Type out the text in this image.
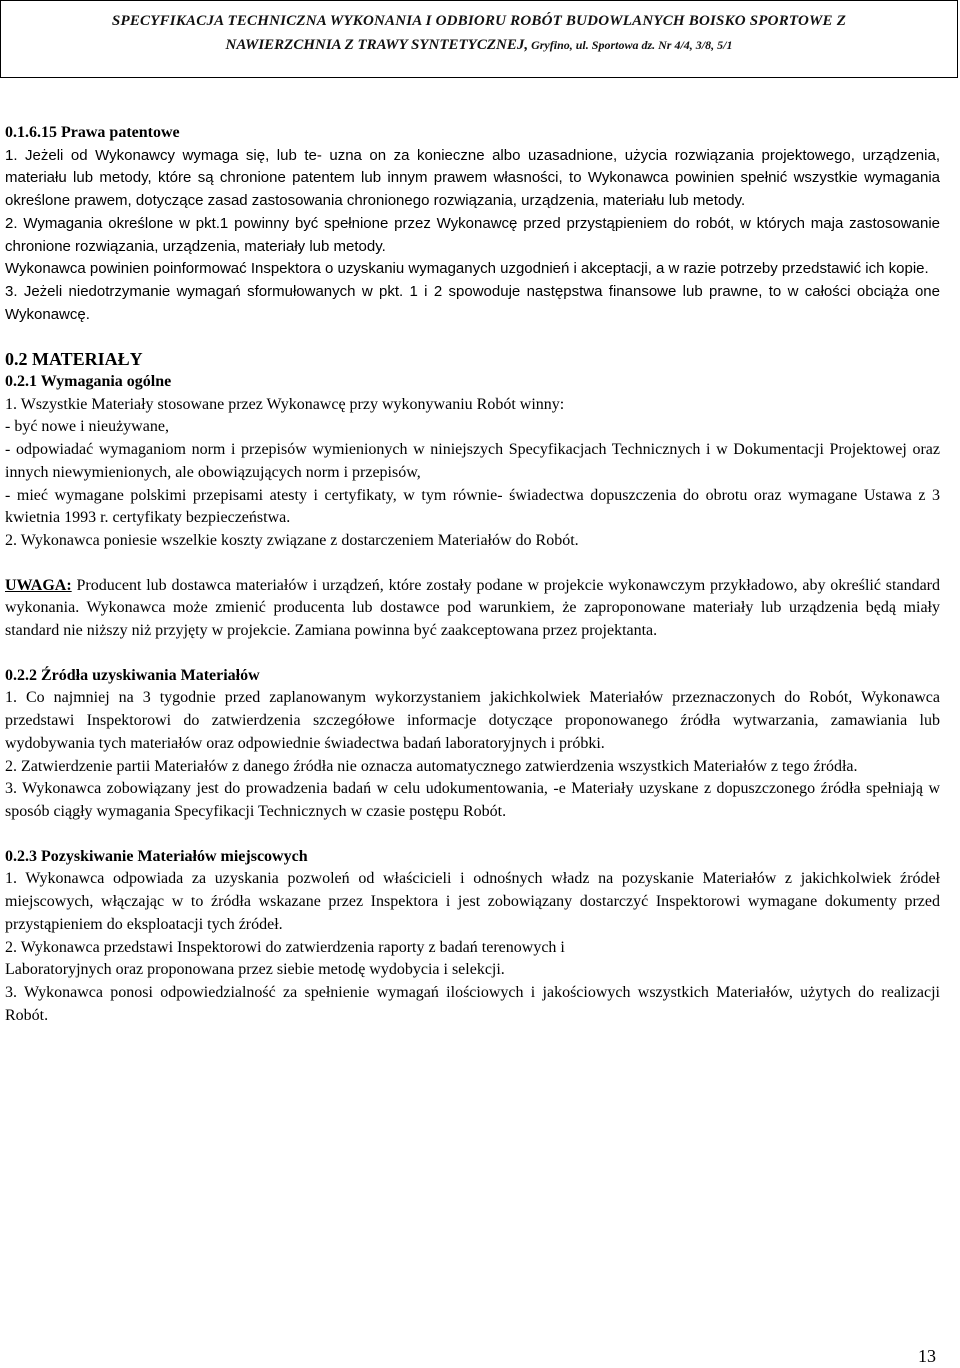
SPECYFIKACJA TECHNICZNA WYKONANIA I ODBIORU ROBÓT BUDOWLANYCH BOISKO SPORTOWE Z
NAWIERZCHNIA Z TRAWY SYNTETYCZNEJ, Gryfino, ul. Sportowa dz. Nr 4/4, 3/8, 5/1

0.1.6.15 Prawa patentowe

1. Jeżeli od Wykonawcy wymaga się, lub te- uzna on za konieczne albo uzasadnione, użycia rozwiązania projektowego, urządzenia, materiału lub metody, które są chronione patentem lub innym prawem własności, to Wykonawca powinien spełnić wszystkie wymagania określone prawem, dotyczące zasad zastosowania chronionego rozwiązania, urządzenia, materiału lub metody.

2. Wymagania określone w pkt.1 powinny być spełnione przez Wykonawcę przed przystąpieniem do robót, w których maja zastosowanie chronione rozwiązania, urządzenia, materiały lub metody.

Wykonawca powinien poinformować Inspektora o uzyskaniu wymaganych uzgodnień i akceptacji, a w razie potrzeby przedstawić ich kopie.

3. Jeżeli niedotrzymanie wymagań sformułowanych w pkt. 1 i 2 spowoduje następstwa finansowe lub prawne, to w całości obciąża one Wykonawcę.

0.2 MATERIAŁY

0.2.1 Wymagania ogólne

1. Wszystkie Materiały stosowane przez Wykonawcę przy wykonywaniu Robót winny:

- być nowe i nieużywane,

- odpowiadać wymaganiom norm i przepisów wymienionych w niniejszych Specyfikacjach Technicznych i w Dokumentacji Projektowej oraz innych niewymienionych, ale obowiązujących norm i przepisów,

- mieć wymagane polskimi przepisami atesty i certyfikaty, w tym równie- świadectwa dopuszczenia do obrotu oraz wymagane Ustawa z 3 kwietnia 1993 r. certyfikaty bezpieczeństwa.

2. Wykonawca poniesie wszelkie koszty związane z dostarczeniem Materiałów do Robót.

UWAGA: Producent lub dostawca materiałów i urządzeń, które zostały podane w projekcie wykonawczym przykładowo, aby określić standard wykonania. Wykonawca może zmienić producenta lub dostawce pod warunkiem, że zaproponowane materiały lub urządzenia będą miały standard nie niższy niż przyjęty w projekcie. Zamiana powinna być zaakceptowana przez projektanta.

0.2.2 Źródła uzyskiwania Materiałów

1. Co najmniej na 3 tygodnie przed zaplanowanym wykorzystaniem jakichkolwiek Materiałów przeznaczonych do Robót, Wykonawca przedstawi Inspektorowi do zatwierdzenia szczegółowe informacje dotyczące proponowanego źródła wytwarzania, zamawiania lub wydobywania tych materiałów oraz odpowiednie świadectwa badań laboratoryjnych i próbki.

2. Zatwierdzenie partii Materiałów z danego źródła nie oznacza automatycznego zatwierdzenia wszystkich Materiałów z tego źródła.

3. Wykonawca zobowiązany jest do prowadzenia badań w celu udokumentowania, -e Materiały uzyskane z dopuszczonego źródła spełniają w sposób ciągły wymagania Specyfikacji Technicznych w czasie postępu Robót.

0.2.3 Pozyskiwanie Materiałów miejscowych

1. Wykonawca odpowiada za uzyskania pozwoleń od właścicieli i odnośnych władz na pozyskanie Materiałów z jakichkolwiek źródeł miejscowych, włączając w to źródła wskazane przez Inspektora i jest zobowiązany dostarczyć Inspektorowi wymagane dokumenty przed przystąpieniem do eksploatacji tych źródeł.

2. Wykonawca przedstawi Inspektorowi do zatwierdzenia raporty z badań terenowych i

Laboratoryjnych oraz proponowana przez siebie metodę wydobycia i selekcji.

3. Wykonawca ponosi odpowiedzialność za spełnienie wymagań ilościowych i jakościowych wszystkich Materiałów, użytych do realizacji Robót.

13
